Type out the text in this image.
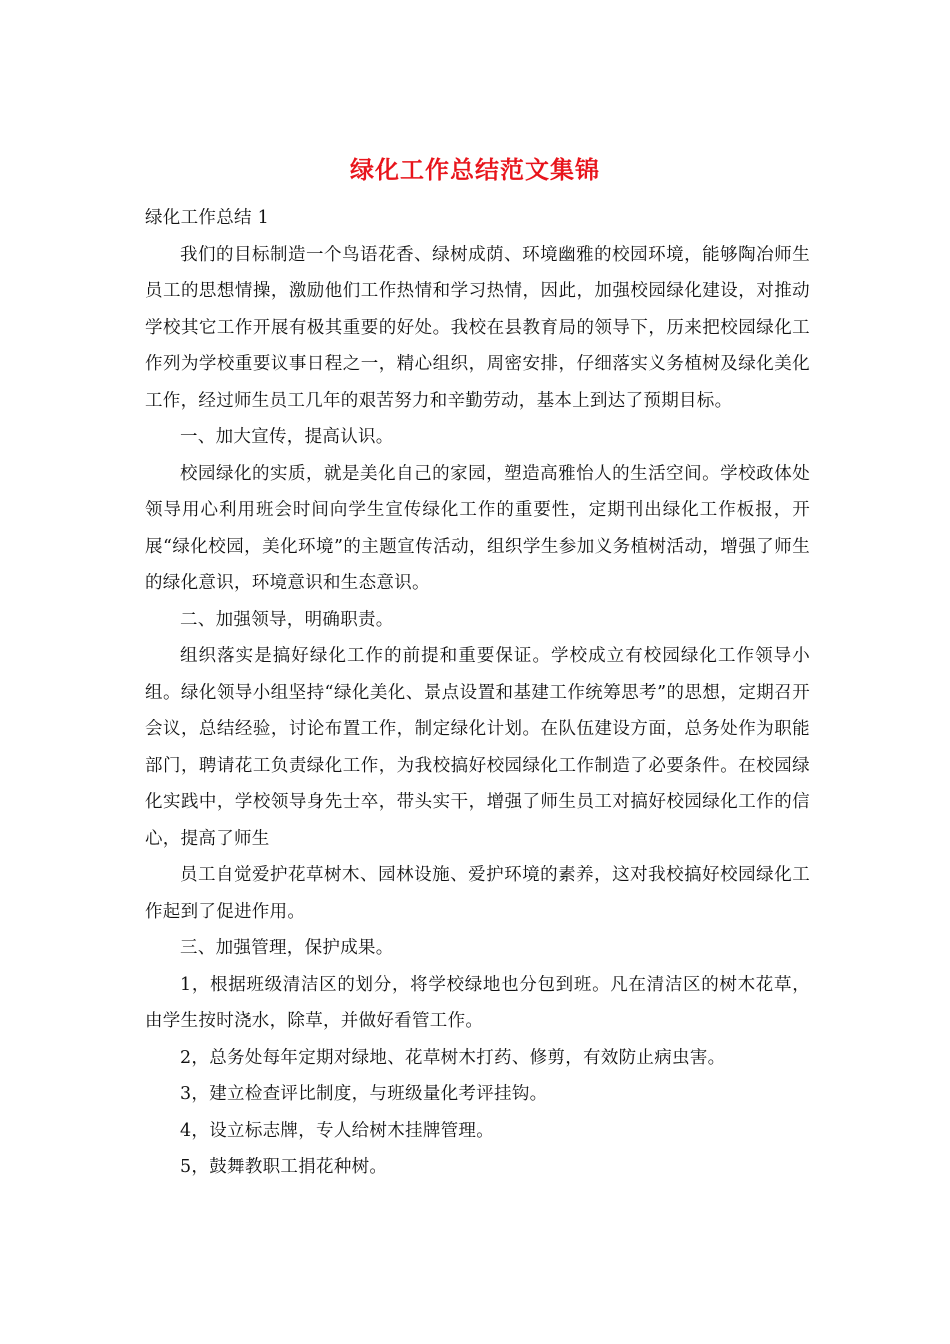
绿化工作总结范文集锦

绿化工作总结 1

我们的目标制造一个鸟语花香、绿树成荫、环境幽雅的校园环境，能够陶冶师生员工的思想情操，激励他们工作热情和学习热情，因此，加强校园绿化建设，对推动学校其它工作开展有极其重要的好处。我校在县教育局的领导下，历来把校园绿化工作列为学校重要议事日程之一，精心组织，周密安排，仔细落实义务植树及绿化美化工作，经过师生员工几年的艰苦努力和辛勤劳动，基本上到达了预期目标。

一、加大宣传，提高认识。

校园绿化的实质，就是美化自己的家园，塑造高雅怡人的生活空间。学校政体处领导用心利用班会时间向学生宣传绿化工作的重要性，定期刊出绿化工作板报，开展“绿化校园，美化环境”的主题宣传活动，组织学生参加义务植树活动，增强了师生的绿化意识，环境意识和生态意识。

二、加强领导，明确职责。

组织落实是搞好绿化工作的前提和重要保证。学校成立有校园绿化工作领导小组。绿化领导小组坚持“绿化美化、景点设置和基建工作统筹思考”的思想，定期召开会议，总结经验，讨论布置工作，制定绿化计划。在队伍建设方面，总务处作为职能部门，聘请花工负责绿化工作，为我校搞好校园绿化工作制造了必要条件。在校园绿化实践中，学校领导身先士卒，带头实干，增强了师生员工对搞好校园绿化工作的信心，提高了师生

员工自觉爱护花草树木、园林设施、爱护环境的素养，这对我校搞好校园绿化工作起到了促进作用。

三、加强管理，保护成果。

1，根据班级清洁区的划分，将学校绿地也分包到班。凡在清洁区的树木花草，由学生按时浇水，除草，并做好看管工作。

2，总务处每年定期对绿地、花草树木打药、修剪，有效防止病虫害。

3，建立检查评比制度，与班级量化考评挂钩。

4，设立标志牌，专人给树木挂牌管理。

5，鼓舞教职工捐花种树。
